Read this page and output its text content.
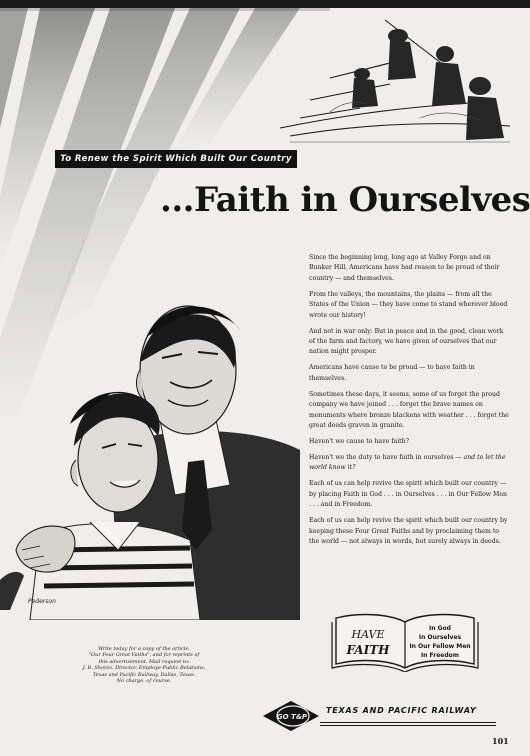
To Renew the Spirit Which Built Our Country
...Faith in Ourselves
Pederson

Since the beginning long, long ago at Valley Forge and on Bunker Hill, Americans have had reason to be proud of their country — and themselves.

From the valleys, the mountains, the plains — from all the States of the Union — they have come to stand wherever blood wrote our history!

And not in war only: But in peace and in the good, clean work of the farm and factory, we have given of ourselves that our nation might prosper.

Americans have cause to be proud — to have faith in themselves.

Sometimes these days, it seems, some of us forget the proud company we have joined . . . forget the brave names on monuments where bronze blackens with weather . . . forget the great deeds graven in granite.

Haven't we cause to have faith?

Haven't we the duty to have faith in ourselves — and to let the world know it?

Each of us can help revive the spirit which built our country — by placing Faith in God . . . in Ourselves . . . in Our Fellow Men . . . and in Freedom.

Each of us can help revive the spirit which built our country by keeping these Four Great Faiths and by proclaiming them to the world — not always in words, but surely always in deeds.

HAVE
FAITH
In God
In Ourselves
In Our Fellow Men
In Freedom
Write today for a copy of the article,
"Our Four Great Faiths", and for reprints of
this advertisement. Mail request to:
J. B. Shores, Director, Employe-Public Relations,
Texas and Pacific Railway, Dallas, Texas.
No charge, of course.
GO T&P
TEXAS AND PACIFIC RAILWAY
101
